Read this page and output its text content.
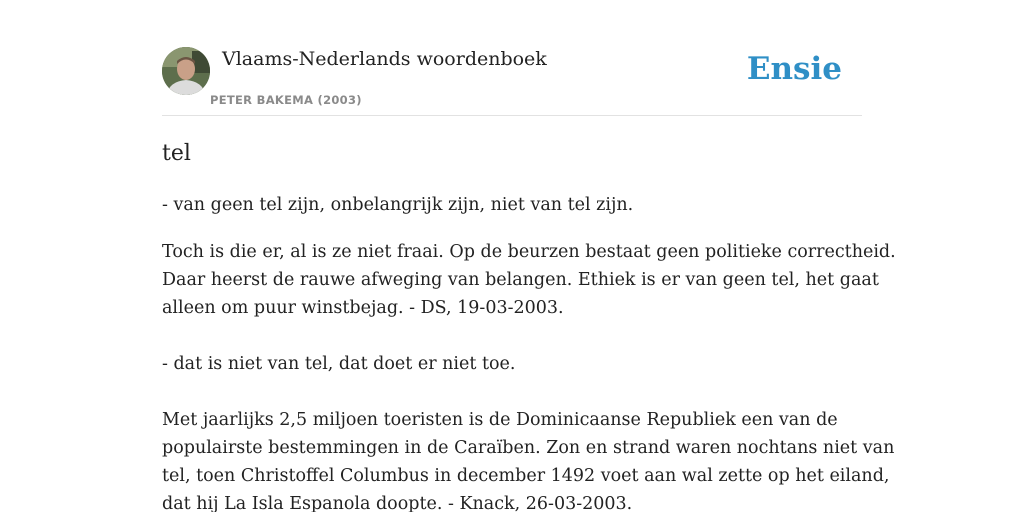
Vlaams-Nederlands woordenboek
PETER BAKEMA (2003)
Ensie
tel

- van geen tel zijn, onbelangrijk zijn, niet van tel zijn.

Toch is die er, al is ze niet fraai. Op de beurzen bestaat geen politieke correctheid.

Daar heerst de rauwe afweging van belangen. Ethiek is er van geen tel, het gaat

alleen om puur winstbejag. - DS, 19-03-2003.

- dat is niet van tel, dat doet er niet toe.

Met jaarlijks 2,5 miljoen toeristen is de Dominicaanse Republiek een van de

populairste bestemmingen in de Caraïben. Zon en strand waren nochtans niet van

tel, toen Christoffel Columbus in december 1492 voet aan wal zette op het eiland,

dat hij La Isla Espanola doopte. - Knack, 26-03-2003.
